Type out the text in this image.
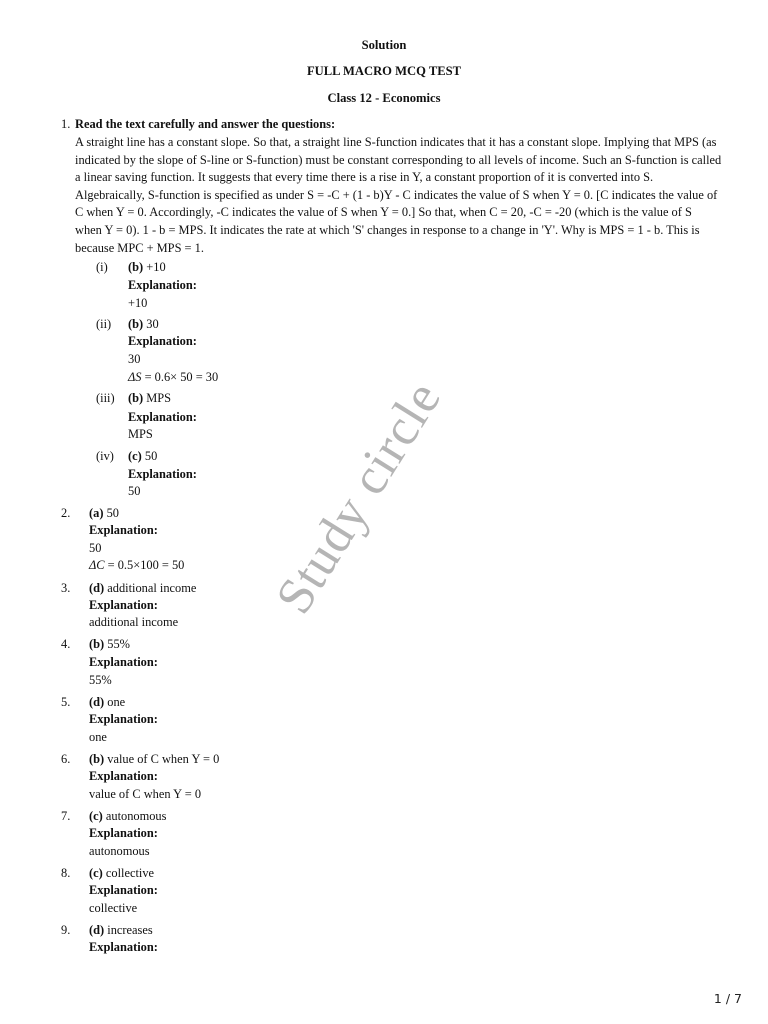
Solution
FULL MACRO MCQ TEST
Class 12 - Economics
1. Read the text carefully and answer the questions:
A straight line has a constant slope. So that, a straight line S-function indicates that it has a constant slope. Implying that MPS (as
indicated by the slope of S-line or S-function) must be constant corresponding to all levels of income. Such an S-function is called
a linear saving function. It suggests that every time there is a rise in Y, a constant proportion of it is converted into S.
Algebraically, S-function is specified as under S = -C + (1 - b)Y - C indicates the value of S when Y = 0. [C indicates the value of
C when Y = 0. Accordingly, -C indicates the value of S when Y = 0.] So that, when C = 20, -C = -20 (which is the value of S
when Y = 0). 1 - b = MPS. It indicates the rate at which 'S' changes in response to a change in 'Y'. Why is MPS = 1 - b. This is
because MPC + MPS = 1.
(i) (b) +10
Explanation:
+10
(ii) (b) 30
Explanation:
30
ΔS = 0.6× 50 = 30
(iii) (b) MPS
Explanation:
MPS
(iv) (c) 50
Explanation:
50
2. (a) 50
Explanation:
50
ΔC = 0.5×100 = 50
3. (d) additional income
Explanation:
additional income
4. (b) 55%
Explanation:
55%
5. (d) one
Explanation:
one
6. (b) value of C when Y = 0
Explanation:
value of C when Y = 0
7. (c) autonomous
Explanation:
autonomous
8. (c) collective
Explanation:
collective
9. (d) increases
Explanation:
Study circle
1 / 7
